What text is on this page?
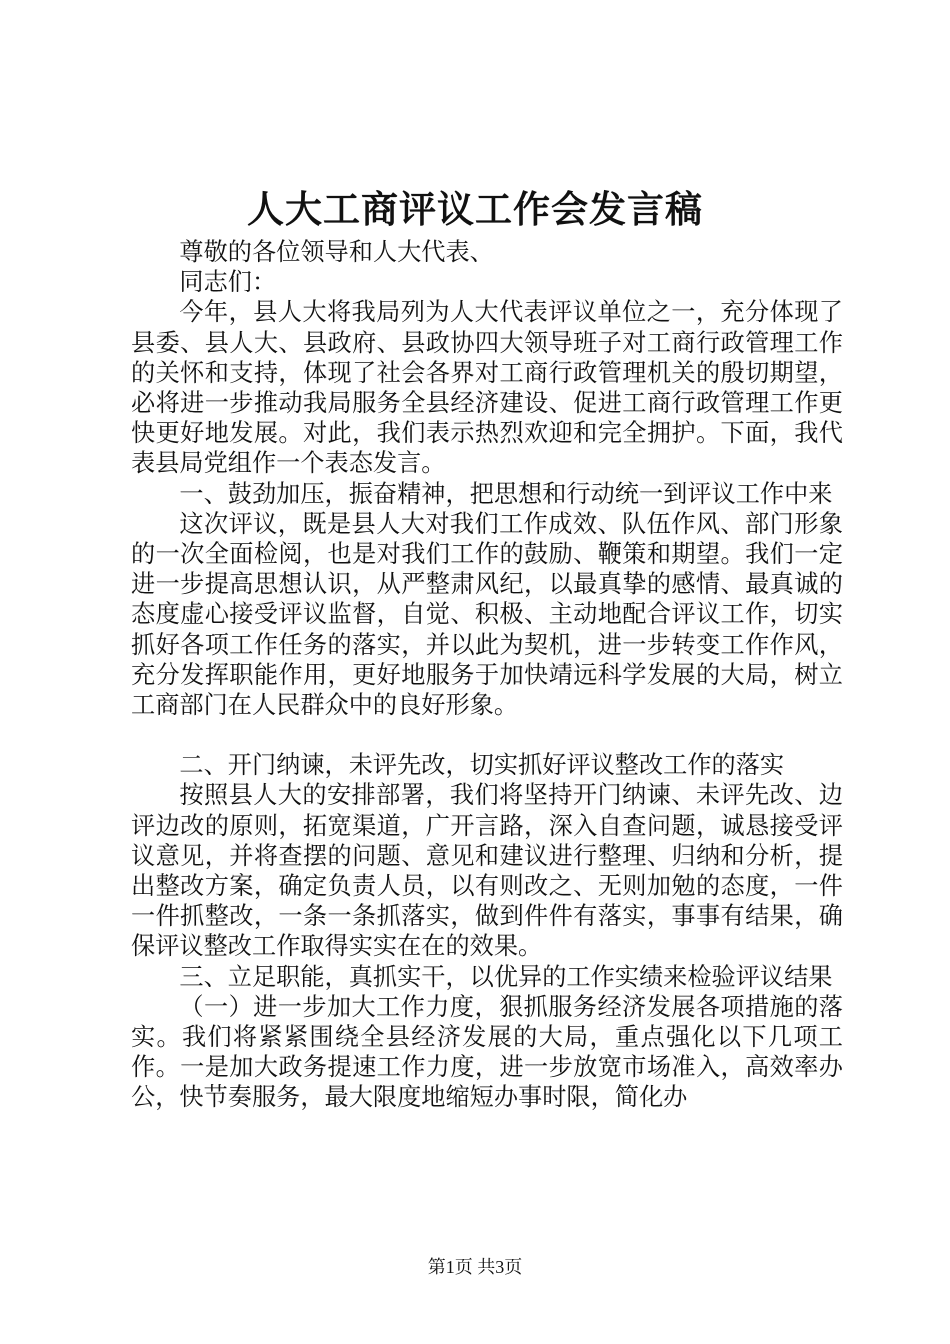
人大工商评议工作会发言稿

尊敬的各位领导和人大代表、

同志们：

今年，县人大将我局列为人大代表评议单位之一，充分体现了县委、县人大、县政府、县政协四大领导班子对工商行政管理工作的关怀和支持，体现了社会各界对工商行政管理机关的殷切期望，必将进一步推动我局服务全县经济建设、促进工商行政管理工作更快更好地发展。对此，我们表示热烈欢迎和完全拥护。下面，我代表县局党组作一个表态发言。

一、鼓劲加压，振奋精神，把思想和行动统一到评议工作中来

这次评议，既是县人大对我们工作成效、队伍作风、部门形象的一次全面检阅，也是对我们工作的鼓励、鞭策和期望。我们一定进一步提高思想认识，从严整肃风纪，以最真挚的感情、最真诚的态度虚心接受评议监督，自觉、积极、主动地配合评议工作，切实抓好各项工作任务的落实，并以此为契机，进一步转变工作作风，充分发挥职能作用，更好地服务于加快靖远科学发展的大局，树立工商部门在人民群众中的良好形象。

二、开门纳谏，未评先改，切实抓好评议整改工作的落实

按照县人大的安排部署，我们将坚持开门纳谏、未评先改、边评边改的原则，拓宽渠道，广开言路，深入自查问题，诚恳接受评议意见，并将查摆的问题、意见和建议进行整理、归纳和分析，提出整改方案，确定负责人员，以有则改之、无则加勉的态度，一件一件抓整改，一条一条抓落实，做到件件有落实，事事有结果，确保评议整改工作取得实实在在的效果。

三、立足职能，真抓实干，以优异的工作实绩来检验评议结果

（一）进一步加大工作力度，狠抓服务经济发展各项措施的落实。我们将紧紧围绕全县经济发展的大局，重点强化以下几项工作。一是加大政务提速工作力度，进一步放宽市场准入，高效率办公，快节奏服务，最大限度地缩短办事时限，简化办

第1页 共3页
